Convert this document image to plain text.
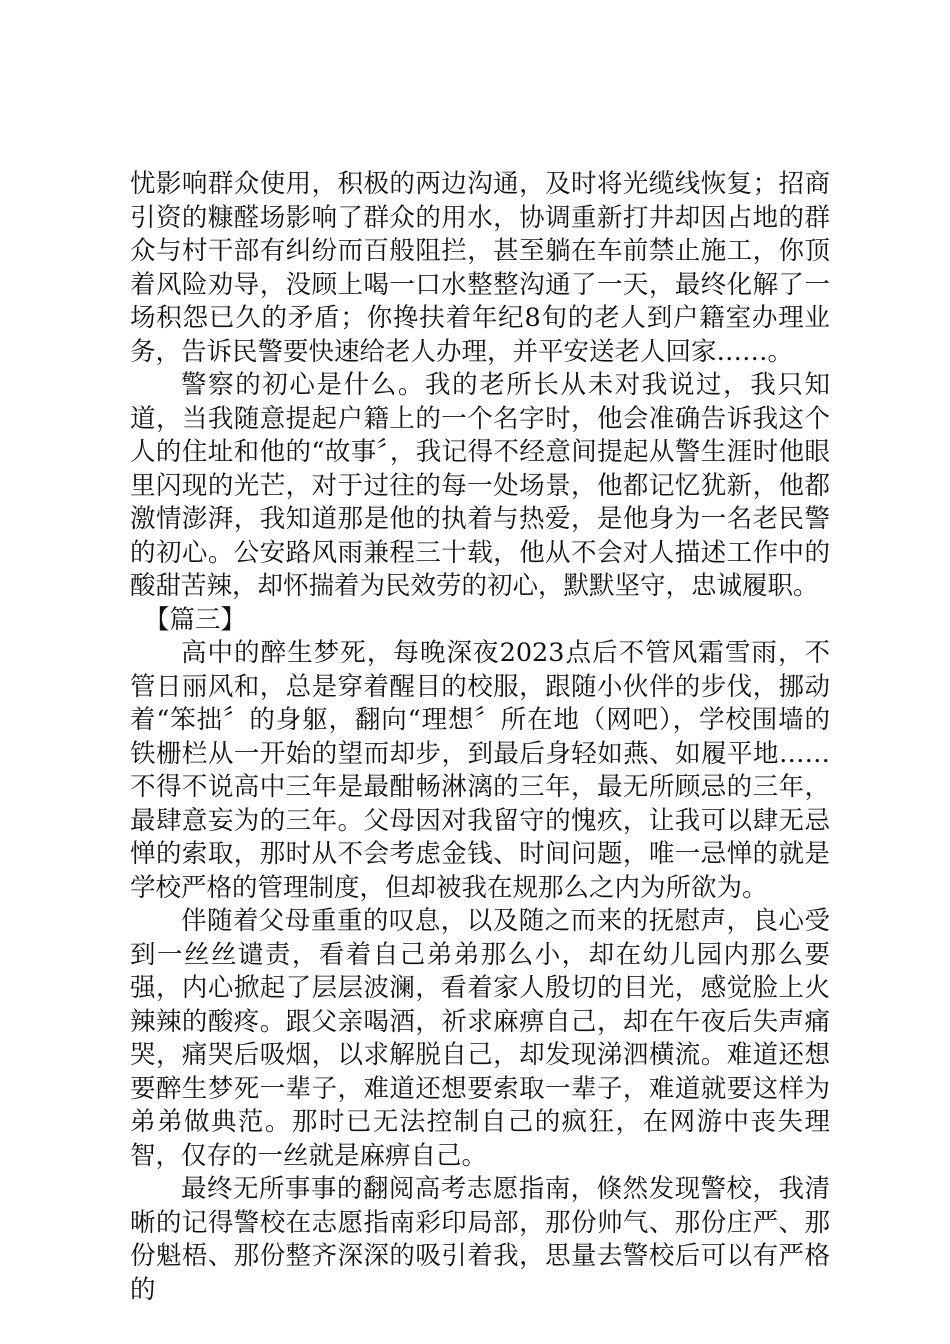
忧影响群众使用，积极的两边沟通，及时将光缆线恢复；招商引资的糠醛场影响了群众的用水，协调重新打井却因占地的群众与村干部有纠纷而百般阻拦，甚至躺在车前禁止施工，你顶着风险劝导，没顾上喝一口水整整沟通了一天，最终化解了一场积怨已久的矛盾；你搀扶着年纪8旬的老人到户籍室办理业务，告诉民警要快速给老人办理，并平安送老人回家……。

警察的初心是什么。我的老所长从未对我说过，我只知道，当我随意提起户籍上的一个名字时，他会准确告诉我这个人的住址和他的“故事〞，我记得不经意间提起从警生涯时他眼里闪现的光芒，对于过往的每一处场景，他都记忆犹新，他都激情澎湃，我知道那是他的执着与热爱，是他身为一名老民警的初心。公安路风雨兼程三十载，他从不会对人描述工作中的酸甜苦辣，却怀揣着为民效劳的初心，默默坚守，忠诚履职。

【篇三】

高中的醉生梦死，每晚深夜2023点后不管风霜雪雨，不管日丽风和，总是穿着醒目的校服，跟随小伙伴的步伐，挪动着“笨拙〞的身躯，翻向“理想〞所在地（网吧），学校围墙的铁栅栏从一开始的望而却步，到最后身轻如燕、如履平地……不得不说高中三年是最酣畅淋漓的三年，最无所顾忌的三年，最肆意妄为的三年。父母因对我留守的愧疚，让我可以肆无忌惮的索取，那时从不会考虑金钱、时间问题，唯一忌惮的就是学校严格的管理制度，但却被我在规那么之内为所欲为。

伴随着父母重重的叹息，以及随之而来的抚慰声，良心受到一丝丝谴责，看着自己弟弟那么小，却在幼儿园内那么要强，内心掀起了层层波澜，看着家人殷切的目光，感觉脸上火辣辣的酸疼。跟父亲喝酒，祈求麻痹自己，却在午夜后失声痛哭，痛哭后吸烟，以求解脱自己，却发现涕泗横流。难道还想要醉生梦死一辈子，难道还想要索取一辈子，难道就要这样为弟弟做典范。那时已无法控制自己的疯狂，在网游中丧失理智，仅存的一丝就是麻痹自己。

最终无所事事的翻阅高考志愿指南，倏然发现警校，我清晰的记得警校在志愿指南彩印局部，那份帅气、那份庄严、那份魁梧、那份整齐深深的吸引着我，思量去警校后可以有严格的
